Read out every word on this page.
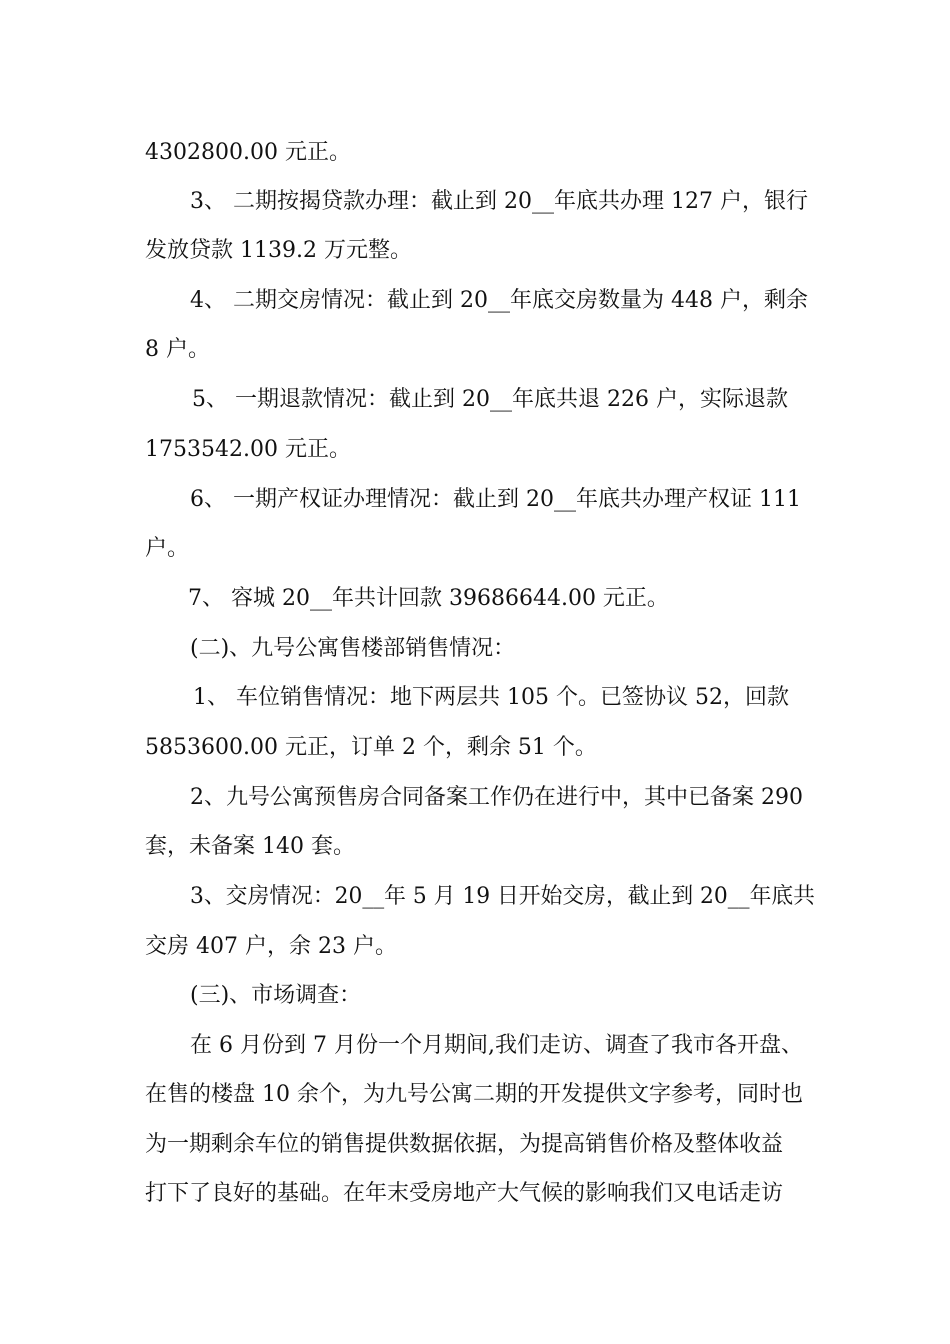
4302800.00 元正。

3、 二期按揭贷款办理：截止到 20__年底共办理 127 户，银行

发放贷款 1139.2 万元整。

4、 二期交房情况：截止到 20__年底交房数量为 448 户，剩余

8 户。

5、 一期退款情况：截止到 20__年底共退 226 户，实际退款

1753542.00 元正。

6、 一期产权证办理情况：截止到 20__年底共办理产权证 111

户。

7、 容城 20__年共计回款 39686644.00 元正。

(二)、九号公寓售楼部销售情况：

1、 车位销售情况：地下两层共 105 个。已签协议 52，回款

5853600.00 元正，订单 2 个，剩余 51 个。

2、九号公寓预售房合同备案工作仍在进行中，其中已备案 290

套，未备案 140 套。

3、交房情况：20__年 5 月 19 日开始交房，截止到 20__年底共

交房 407 户，余 23 户。

(三)、市场调查：

在 6 月份到 7 月份一个月期间,我们走访、调查了我市各开盘、

在售的楼盘 10 余个，为九号公寓二期的开发提供文字参考，同时也

为一期剩余车位的销售提供数据依据，为提高销售价格及整体收益

打下了良好的基础。在年末受房地产大气候的影响我们又电话走访
